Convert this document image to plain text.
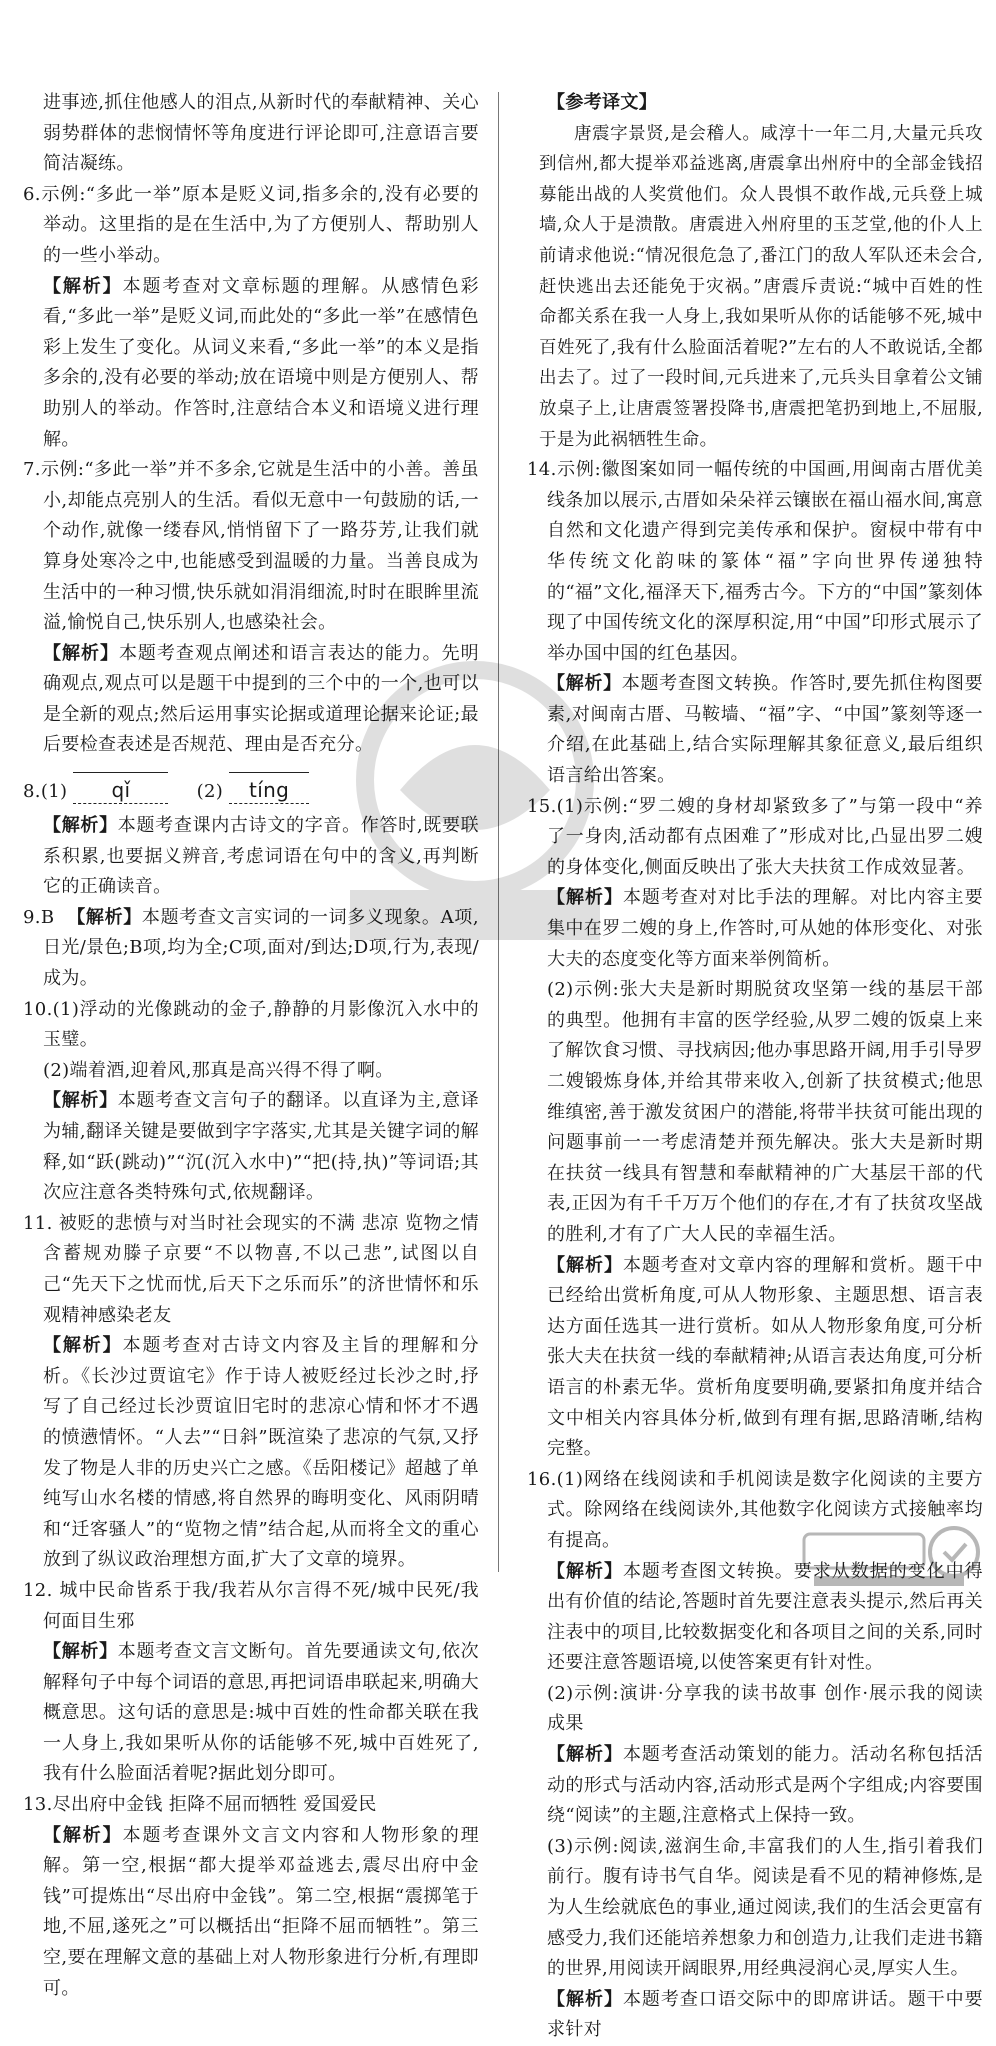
进事迹,抓住他感人的泪点,从新时代的奉献精神、关心弱势群体的悲悯情怀等角度进行评论即可,注意语言要简洁凝练。

6.示例:“多此一举”原本是贬义词,指多余的,没有必要的举动。这里指的是在生活中,为了方便别人、帮助别人的一些小举动。

【解析】本题考查对文章标题的理解。从感情色彩看,“多此一举”是贬义词,而此处的“多此一举”在感情色彩上发生了变化。从词义来看,“多此一举”的本义是指多余的,没有必要的举动;放在语境中则是方便别人、帮助别人的举动。作答时,注意结合本义和语境义进行理解。

7.示例:“多此一举”并不多余,它就是生活中的小善。善虽小,却能点亮别人的生活。看似无意中一句鼓励的话,一个动作,就像一缕春风,悄悄留下了一路芬芳,让我们就算身处寒冷之中,也能感受到温暖的力量。当善良成为生活中的一种习惯,快乐就如涓涓细流,时时在眼眸里流溢,愉悦自己,快乐别人,也感染社会。

【解析】本题考查观点阐述和语言表达的能力。先明确观点,观点可以是题干中提到的三个中的一个,也可以是全新的观点;然后运用事实论据或道理论据来论证;最后要检查表述是否规范、理由是否充分。

8.(1) qǐ	(2) tíng

【解析】本题考查课内古诗文的字音。作答时,既要联系积累,也要据义辨音,考虑词语在句中的含义,再判断它的正确读音。

9.B 【解析】本题考查文言实词的一词多义现象。A项,日光/景色;B项,均为全;C项,面对/到达;D项,行为,表现/成为。

10.(1)浮动的光像跳动的金子,静静的月影像沉入水中的玉璧。

(2)端着酒,迎着风,那真是高兴得不得了啊。

【解析】本题考查文言句子的翻译。以直译为主,意译为辅,翻译关键是要做到字字落实,尤其是关键字词的解释,如“跃(跳动)”“沉(沉入水中)”“把(持,执)”等词语;其次应注意各类特殊句式,依规翻译。

11. 被贬的悲愤与对当时社会现实的不满 悲凉 览物之情 含蓄规劝滕子京要“不以物喜,不以己悲”,试图以自己“先天下之忧而忧,后天下之乐而乐”的济世情怀和乐观精神感染老友

【解析】本题考查对古诗文内容及主旨的理解和分析。《长沙过贾谊宅》作于诗人被贬经过长沙之时,抒写了自己经过长沙贾谊旧宅时的悲凉心情和怀才不遇的愤懑情怀。“人去”“日斜”既渲染了悲凉的气氛,又抒发了物是人非的历史兴亡之感。《岳阳楼记》超越了单纯写山水名楼的情感,将自然界的晦明变化、风雨阴晴和“迁客骚人”的“览物之情”结合起,从而将全文的重心放到了纵议政治理想方面,扩大了文章的境界。

12. 城中民命皆系于我/我若从尔言得不死/城中民死/我何面目生邪

【解析】本题考查文言文断句。首先要通读文句,依次解释句子中每个词语的意思,再把词语串联起来,明确大概意思。这句话的意思是:城中百姓的性命都关联在我一人身上,我如果听从你的话能够不死,城中百姓死了,我有什么脸面活着呢?据此划分即可。

13.尽出府中金钱 拒降不屈而牺牲 爱国爱民

【解析】本题考查课外文言文内容和人物形象的理解。第一空,根据“都大提举邓益逃去,震尽出府中金钱”可提炼出“尽出府中金钱”。第二空,根据“震掷笔于地,不屈,遂死之”可以概括出“拒降不屈而牺牲”。第三空,要在理解文意的基础上对人物形象进行分析,有理即可。

【参考译文】

唐震字景贤,是会稽人。咸淳十一年二月,大量元兵攻到信州,都大提举邓益逃离,唐震拿出州府中的全部金钱招募能出战的人奖赏他们。众人畏惧不敢作战,元兵登上城墙,众人于是溃散。唐震进入州府里的玉芝堂,他的仆人上前请求他说:“情况很危急了,番江门的敌人军队还未会合,赶快逃出去还能免于灾祸。”唐震斥责说:“城中百姓的性命都关系在我一人身上,我如果听从你的话能够不死,城中百姓死了,我有什么脸面活着呢?”左右的人不敢说话,全都出去了。过了一段时间,元兵进来了,元兵头目拿着公文铺放桌子上,让唐震签署投降书,唐震把笔扔到地上,不屈服,于是为此祸牺牲生命。

14.示例:徽图案如同一幅传统的中国画,用闽南古厝优美线条加以展示,古厝如朵朵祥云镶嵌在福山福水间,寓意自然和文化遗产得到完美传承和保护。窗棂中带有中华传统文化韵味的篆体“福”字向世界传递独特的“福”文化,福泽天下,福秀古今。下方的“中国”篆刻体现了中国传统文化的深厚积淀,用“中国”印形式展示了举办国中国的红色基因。

【解析】本题考查图文转换。作答时,要先抓住构图要素,对闽南古厝、马鞍墙、“福”字、“中国”篆刻等逐一介绍,在此基础上,结合实际理解其象征意义,最后组织语言给出答案。

15.(1)示例:“罗二嫂的身材却紧致多了”与第一段中“养了一身肉,活动都有点困难了”形成对比,凸显出罗二嫂的身体变化,侧面反映出了张大夫扶贫工作成效显著。

【解析】本题考查对对比手法的理解。对比内容主要集中在罗二嫂的身上,作答时,可从她的体形变化、对张大夫的态度变化等方面来举例简析。

(2)示例:张大夫是新时期脱贫攻坚第一线的基层干部的典型。他拥有丰富的医学经验,从罗二嫂的饭桌上来了解饮食习惯、寻找病因;他办事思路开阔,用手引导罗二嫂锻炼身体,并给其带来收入,创新了扶贫模式;他思维缜密,善于激发贫困户的潜能,将带半扶贫可能出现的问题事前一一考虑清楚并预先解决。张大夫是新时期在扶贫一线具有智慧和奉献精神的广大基层干部的代表,正因为有千千万万个他们的存在,才有了扶贫攻坚战的胜利,才有了广大人民的幸福生活。

【解析】本题考查对文章内容的理解和赏析。题干中已经给出赏析角度,可从人物形象、主题思想、语言表达方面任选其一进行赏析。如从人物形象角度,可分析张大夫在扶贫一线的奉献精神;从语言表达角度,可分析语言的朴素无华。赏析角度要明确,要紧扣角度并结合文中相关内容具体分析,做到有理有据,思路清晰,结构完整。

16.(1)网络在线阅读和手机阅读是数字化阅读的主要方式。除网络在线阅读外,其他数字化阅读方式接触率均有提高。

【解析】本题考查图文转换。要求从数据的变化中得出有价值的结论,答题时首先要注意表头提示,然后再关注表中的项目,比较数据变化和各项目之间的关系,同时还要注意答题语境,以使答案更有针对性。

(2)示例:演讲·分享我的读书故事 创作·展示我的阅读成果

【解析】本题考查活动策划的能力。活动名称包括活动的形式与活动内容,活动形式是两个字组成;内容要围绕“阅读”的主题,注意格式上保持一致。

(3)示例:阅读,滋润生命,丰富我们的人生,指引着我们前行。腹有诗书气自华。阅读是看不见的精神修炼,是为人生绘就底色的事业,通过阅读,我们的生活会更富有感受力,我们还能培养想象力和创造力,让我们走进书籍的世界,用阅读开阔眼界,用经典浸润心灵,厚实人生。

【解析】本题考查口语交际中的即席讲话。题干中要求针对
